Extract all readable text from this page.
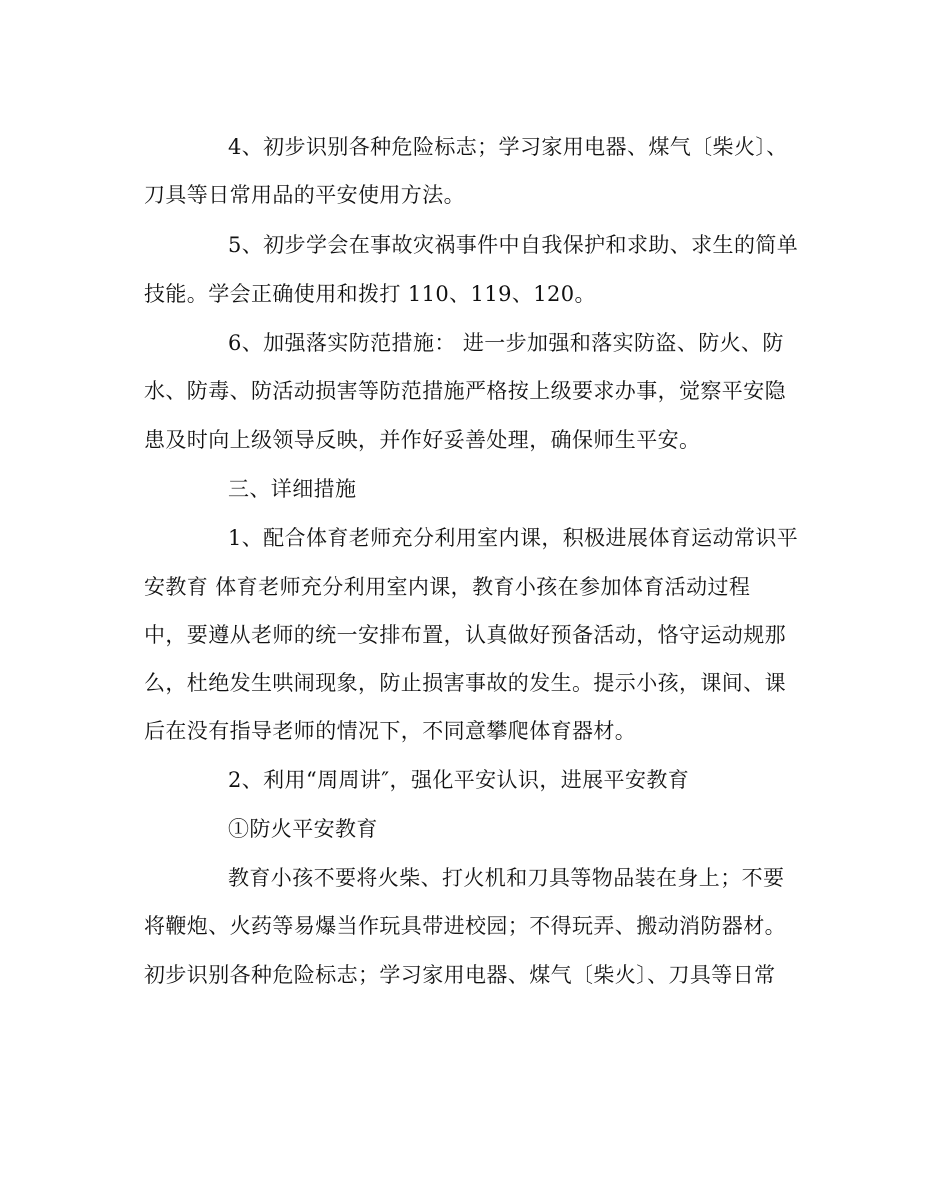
4、初步识别各种危险标志；学习家用电器、煤气〔柴火〕、
刀具等日常用品的平安使用方法。
5、初步学会在事故灾祸事件中自我保护和求助、求生的简单
技能。学会正确使用和拨打 110、119、120。
6、加强落实防范措施： 进一步加强和落实防盗、防火、防
水、防毒、防活动损害等防范措施严格按上级要求办事，觉察平安隐
患及时向上级领导反映，并作好妥善处理，确保师生平安。
三、详细措施
1、配合体育老师充分利用室内课，积极进展体育运动常识平
安教育 体育老师充分利用室内课，教育小孩在参加体育活动过程
中，要遵从老师的统一安排布置，认真做好预备活动，恪守运动规那
么，杜绝发生哄闹现象，防止损害事故的发生。提示小孩，课间、课
后在没有指导老师的情况下，不同意攀爬体育器材。
2、利用“周周讲″，强化平安认识，进展平安教育
①防火平安教育
教育小孩不要将火柴、打火机和刀具等物品装在身上；不要
将鞭炮、火药等易爆当作玩具带进校园；不得玩弄、搬动消防器材。
初步识别各种危险标志；学习家用电器、煤气〔柴火〕、刀具等日常
